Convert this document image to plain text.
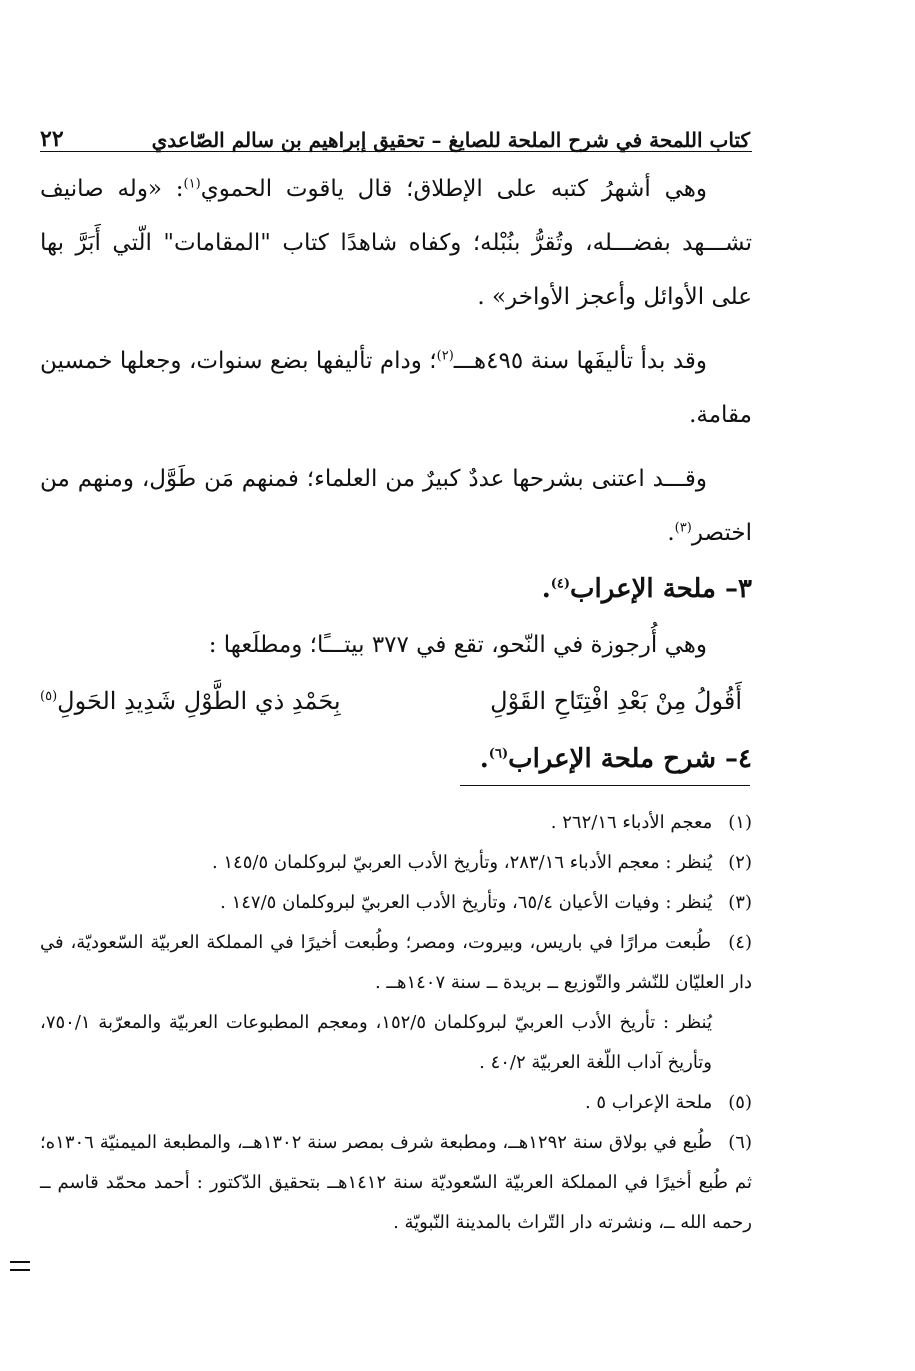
كتاب اللمحة في شرح الملحة للصايغ – تحقيق إبراهيم بن سالم الصّاعدي
٢٢

وهي أشهرُ كتبه على الإطلاق؛ قال ياقوت الحموي$^{(١)}$: «وله صانيف تشـــهد بفضـــله، وتُقرُّ بنُبْله؛ وكفاه شاهدًا كتاب "المقامات" الّتي أَبَرَّ بها على الأوائل وأعجز الأواخر» .

وقد بدأ تأليفَها سنة ٤٩٥هـــ$^{(٢)}$؛ ودام تأليفها بضع سنوات، وجعلها خمسين مقامة.

وقـــد اعتنى بشرحها عددٌ كبيرٌ من العلماء؛ فمنهم مَن طَوَّل، ومنهم من اختصر$^{(٣)}$.

٣– ملحة الإعراب$^{(٤)}$.

وهي أُرجوزة في النّحو، تقع في ٣٧٧ بيتـــًا؛ ومطلَعها :

أَقُولُ مِنْ بَعْدِ افْتِتَاحِ القَوْلِ
بِحَمْدِ ذي الطَّوْلِ شَدِيدِ الحَولِ$^{(٥)}$

٤– شرح ملحة الإعراب$^{(٦)}$.

(١) معجم الأدباء ٢٦٢/١٦ .

(٢) يُنظر : معجم الأدباء ٢٨٣/١٦، وتأريخ الأدب العربيّ لبروكلمان ١٤٥/٥ .

(٣) يُنظر : وفيات الأعيان ٦٥/٤، وتأريخ الأدب العربيّ لبروكلمان ١٤٧/٥ .

(٤) طُبعت مرارًا في باريس، وبيروت، ومصر؛ وطُبعت أخيرًا في المملكة العربيّة السّعوديّة، في دار العليّان للنّشر والتّوزيع ــ بريدة ــ سنة ١٤٠٧هــ .

يُنظر : تأريخ الأدب العربيّ لبروكلمان ١٥٢/٥، ومعجم المطبوعات العربيّة والمعرّبة ٧٥٠/١، وتأريخ آداب اللّغة العربيّة ٤٠/٢ .

(٥) ملحة الإعراب ٥ .

(٦) طُبع في بولاق سنة ١٢٩٢هــ، ومطبعة شرف بمصر سنة ١٣٠٢هــ، والمطبعة الميمنيّة ١٣٠٦ه؛ ثم طُبع أخيرًا في المملكة العربيّة السّعوديّة سنة ١٤١٢هــ بتحقيق الدّكتور : أحمد محمّد قاسم ــ رحمه الله ــ، ونشرته دار التّراث بالمدينة النّبويّة .
